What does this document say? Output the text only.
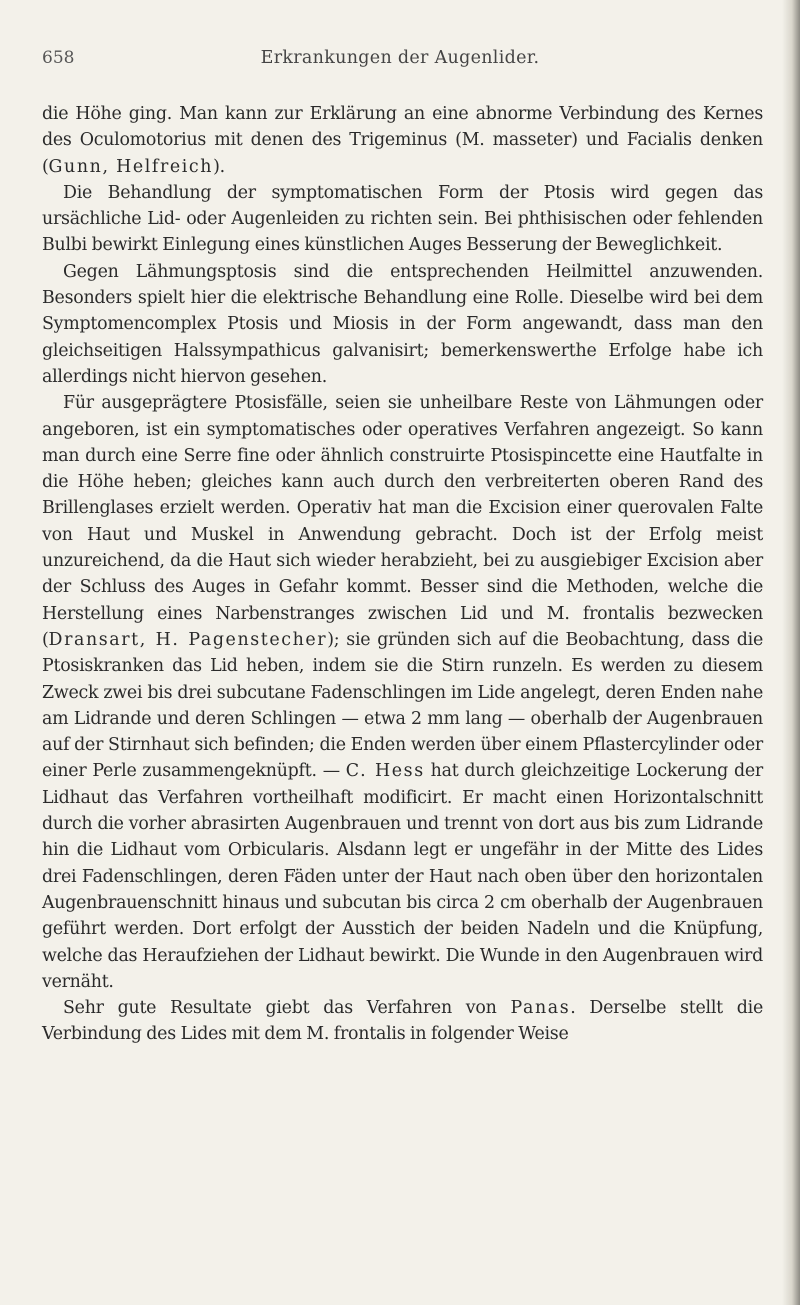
658	Erkrankungen der Augenlider.

die Höhe ging. Man kann zur Erklärung an eine abnorme Verbindung des Kernes des Oculomotorius mit denen des Trigeminus (M. masseter) und Facialis denken (Gunn, Helfreich).

Die Behandlung der symptomatischen Form der Ptosis wird gegen das ursächliche Lid- oder Augenleiden zu richten sein. Bei phthisischen oder fehlenden Bulbi bewirkt Einlegung eines künstlichen Auges Besserung der Beweglichkeit.

Gegen Lähmungsptosis sind die entsprechenden Heilmittel anzuwenden. Besonders spielt hier die elektrische Behandlung eine Rolle. Dieselbe wird bei dem Symptomencomplex Ptosis und Miosis in der Form angewandt, dass man den gleichseitigen Halssympathicus galvanisirt; bemerkenswerthe Erfolge habe ich allerdings nicht hiervon gesehen.

Für ausgeprägtere Ptosisfälle, seien sie unheilbare Reste von Lähmungen oder angeboren, ist ein symptomatisches oder operatives Verfahren angezeigt. So kann man durch eine Serre fine oder ähnlich construirte Ptosispincette eine Hautfalte in die Höhe heben; gleiches kann auch durch den verbreiterten oberen Rand des Brillenglases erzielt werden. Operativ hat man die Excision einer querovalen Falte von Haut und Muskel in Anwendung gebracht. Doch ist der Erfolg meist unzureichend, da die Haut sich wieder herabzieht, bei zu ausgiebiger Excision aber der Schluss des Auges in Gefahr kommt. Besser sind die Methoden, welche die Herstellung eines Narbenstranges zwischen Lid und M. frontalis bezwecken (Dransart, H. Pagenstecher); sie gründen sich auf die Beobachtung, dass die Ptosiskranken das Lid heben, indem sie die Stirn runzeln. Es werden zu diesem Zweck zwei bis drei subcutane Fadenschlingen im Lide angelegt, deren Enden nahe am Lidrande und deren Schlingen — etwa 2 mm lang — oberhalb der Augenbrauen auf der Stirnhaut sich befinden; die Enden werden über einem Pflastercylinder oder einer Perle zusammengeknüpft. — C. Hess hat durch gleichzeitige Lockerung der Lidhaut das Verfahren vortheilhaft modificirt. Er macht einen Horizontalschnitt durch die vorher abrasirten Augenbrauen und trennt von dort aus bis zum Lidrande hin die Lidhaut vom Orbicularis. Alsdann legt er ungefähr in der Mitte des Lides drei Fadenschlingen, deren Fäden unter der Haut nach oben über den horizontalen Augenbrauenschnitt hinaus und subcutan bis circa 2 cm oberhalb der Augenbrauen geführt werden. Dort erfolgt der Ausstich der beiden Nadeln und die Knüpfung, welche das Heraufziehen der Lidhaut bewirkt. Die Wunde in den Augenbrauen wird vernäht.

Sehr gute Resultate giebt das Verfahren von Panas. Derselbe stellt die Verbindung des Lides mit dem M. frontalis in folgender Weise
